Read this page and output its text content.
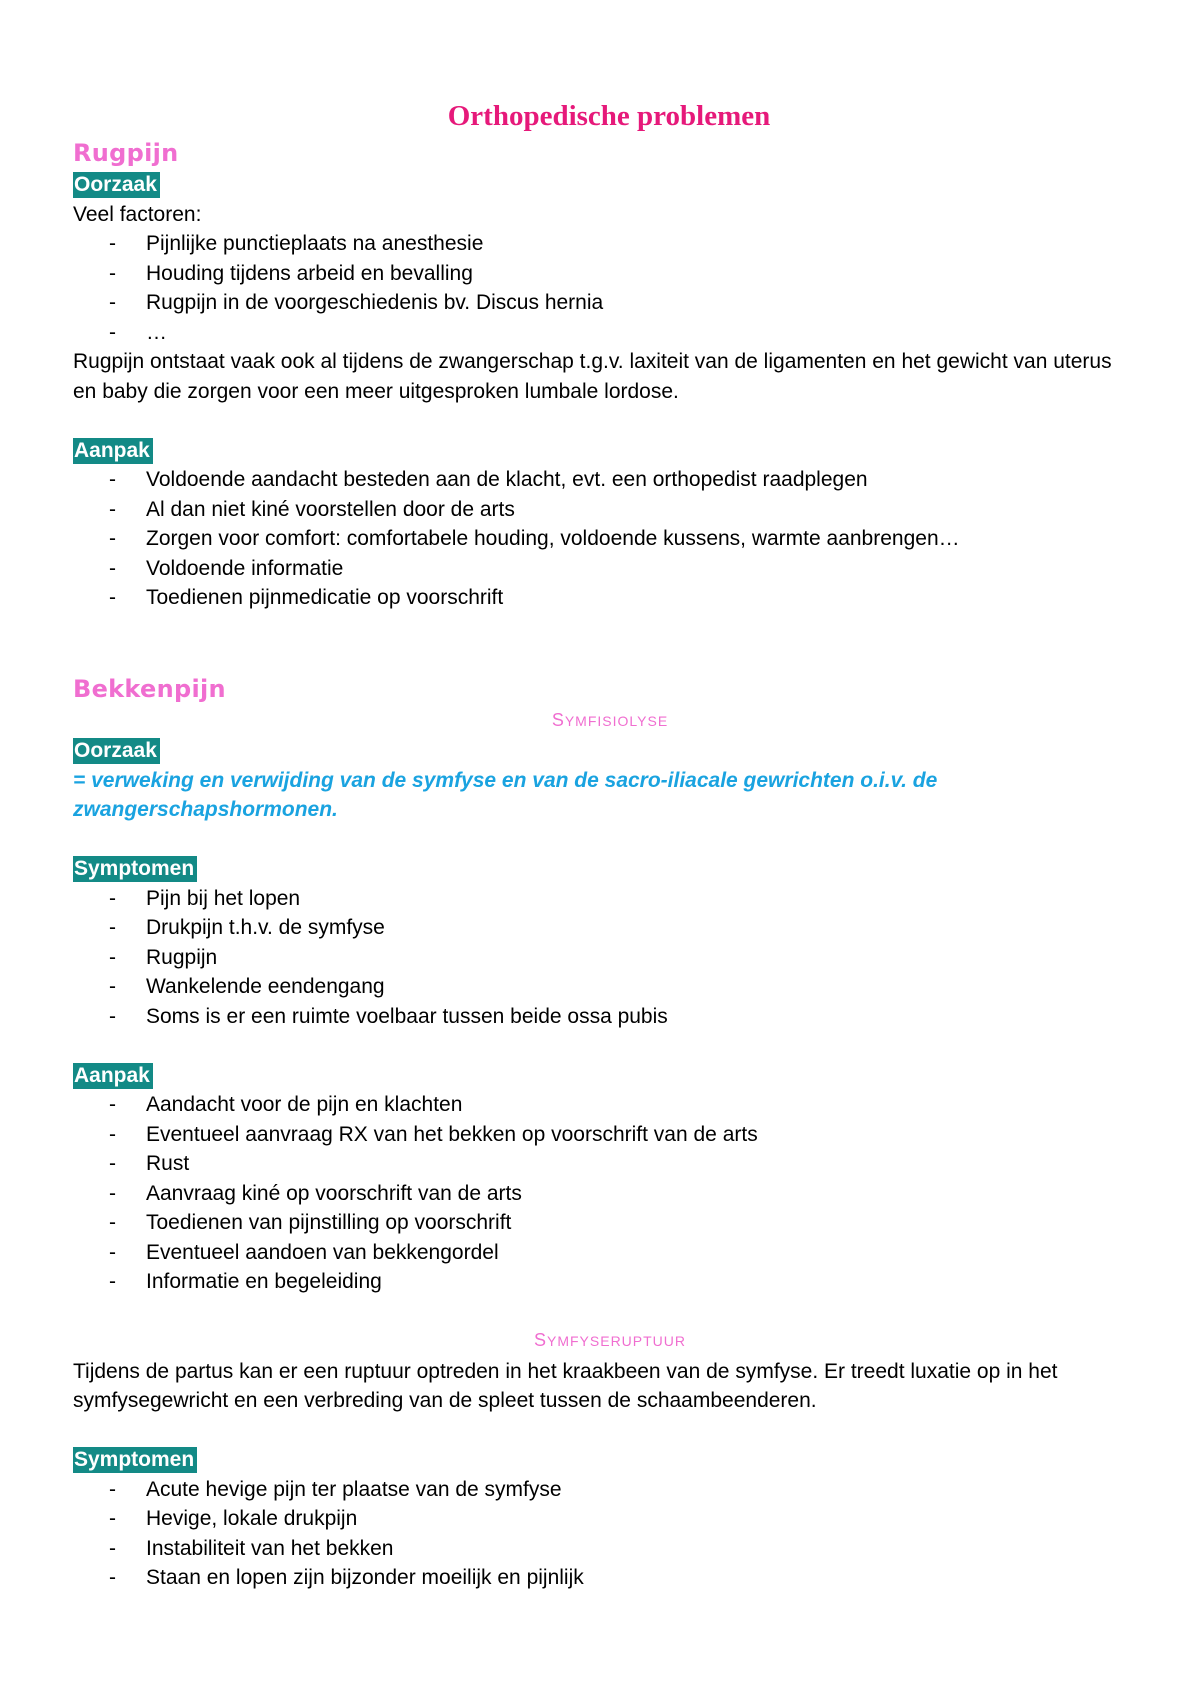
Orthopedische problemen
Rugpijn
Oorzaak

Veel factoren:

- Pijnlijke punctieplaats na anesthesie
- Houding tijdens arbeid en bevalling
- Rugpijn in de voorgeschiedenis bv. Discus hernia
- …

Rugpijn ontstaat vaak ook al tijdens de zwangerschap t.g.v. laxiteit van de ligamenten en het gewicht van uterus en baby die zorgen voor een meer uitgesproken lumbale lordose.

Aanpak
- Voldoende aandacht besteden aan de klacht, evt. een orthopedist raadplegen
- Al dan niet kiné voorstellen door de arts
- Zorgen voor comfort: comfortabele houding, voldoende kussens, warmte aanbrengen…
- Voldoende informatie
- Toedienen pijnmedicatie op voorschrift
Bekkenpijn
SYMFISIOLYSE
Oorzaak

= verweking en verwijding van de symfyse en van de sacro-iliacale gewrichten o.i.v. de zwangerschapshormonen.

Symptomen
- Pijn bij het lopen
- Drukpijn t.h.v. de symfyse
- Rugpijn
- Wankelende eendengang
- Soms is er een ruimte voelbaar tussen beide ossa pubis
Aanpak
- Aandacht voor de pijn en klachten
- Eventueel aanvraag RX van het bekken op voorschrift van de arts
- Rust
- Aanvraag kiné op voorschrift van de arts
- Toedienen van pijnstilling op voorschrift
- Eventueel aandoen van bekkengordel
- Informatie en begeleiding
SYMFYSERUPTUUR

Tijdens de partus kan er een ruptuur optreden in het kraakbeen van de symfyse. Er treedt luxatie op in het symfysegewricht en een verbreding van de spleet tussen de schaambeenderen.

Symptomen
- Acute hevige pijn ter plaatse van de symfyse
- Hevige, lokale drukpijn
- Instabiliteit van het bekken
- Staan en lopen zijn bijzonder moeilijk en pijnlijk
